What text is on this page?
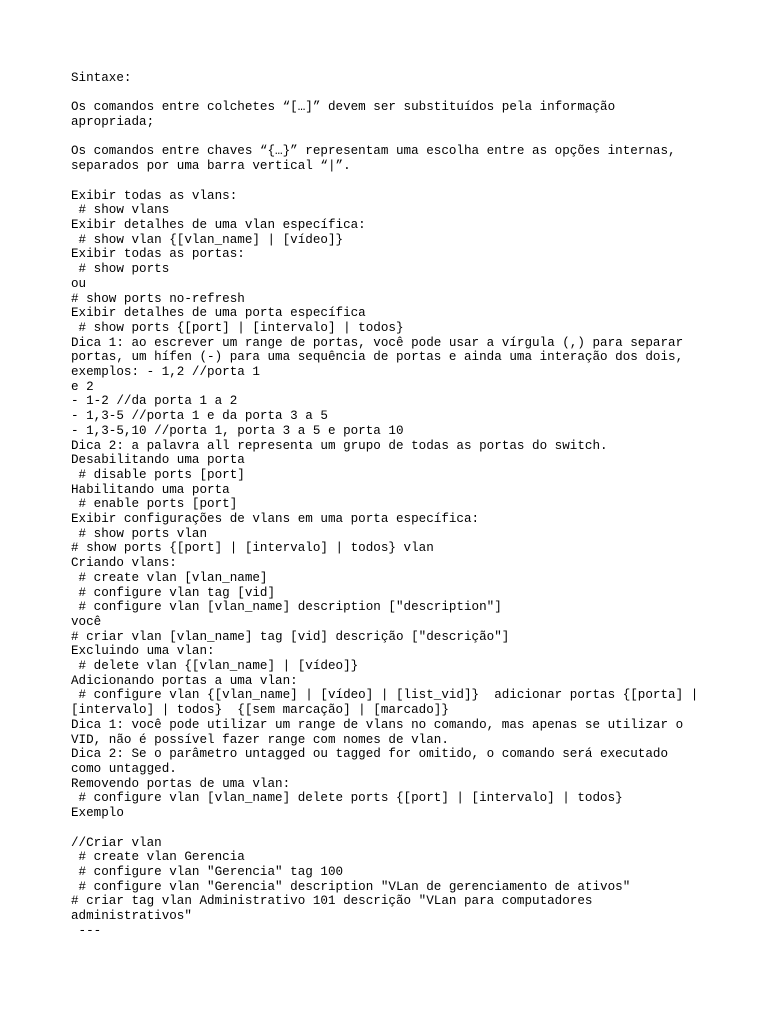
Sintaxe:
Os comandos entre colchetes “[…]” devem ser substituídos pela informação
apropriada;
Os comandos entre chaves “{…}” representam uma escolha entre as opções internas,
separados por uma barra vertical “|”.
Exibir todas as vlans:
# show vlans
Exibir detalhes de uma vlan específica:
# show vlan {[vlan_name] | [vídeo]}
Exibir todas as portas:
# show ports
ou
# show ports no-refresh
Exibir detalhes de uma porta específica
# show ports {[port] | [intervalo] | todos}
Dica 1: ao escrever um range de portas, você pode usar a vírgula (,) para separar
portas, um hífen (-) para uma sequência de portas e ainda uma interação dos dois,
exemplos: - 1,2 //porta 1
e 2
- 1-2 //da porta 1 a 2
- 1,3-5 //porta 1 e da porta 3 a 5
- 1,3-5,10 //porta 1, porta 3 a 5 e porta 10
Dica 2: a palavra all representa um grupo de todas as portas do switch.
Desabilitando uma porta
# disable ports [port]
Habilitando uma porta
# enable ports [port]
Exibir configurações de vlans em uma porta específica:
# show ports vlan
# show ports {[port] | [intervalo] | todos} vlan
Criando vlans:
# create vlan [vlan_name]
# configure vlan tag [vid]
# configure vlan [vlan_name] description ["description"]
você
# criar vlan [vlan_name] tag [vid] descrição ["descrição"]
Excluindo uma vlan:
# delete vlan {[vlan_name] | [vídeo]}
Adicionando portas a uma vlan:
# configure vlan {[vlan_name] | [vídeo] | [list_vid]}  adicionar portas {[porta] |
[intervalo] | todos}  {[sem marcação] | [marcado]}
Dica 1: você pode utilizar um range de vlans no comando, mas apenas se utilizar o
VID, não é possível fazer range com nomes de vlan.
Dica 2: Se o parâmetro untagged ou tagged for omitido, o comando será executado
como untagged.
Removendo portas de uma vlan:
# configure vlan [vlan_name] delete ports {[port] | [intervalo] | todos}
Exemplo
//Criar vlan
# create vlan Gerencia
# configure vlan "Gerencia" tag 100
# configure vlan "Gerencia" description "VLan de gerenciamento de ativos"
# criar tag vlan Administrativo 101 descrição "VLan para computadores
administrativos"
---
